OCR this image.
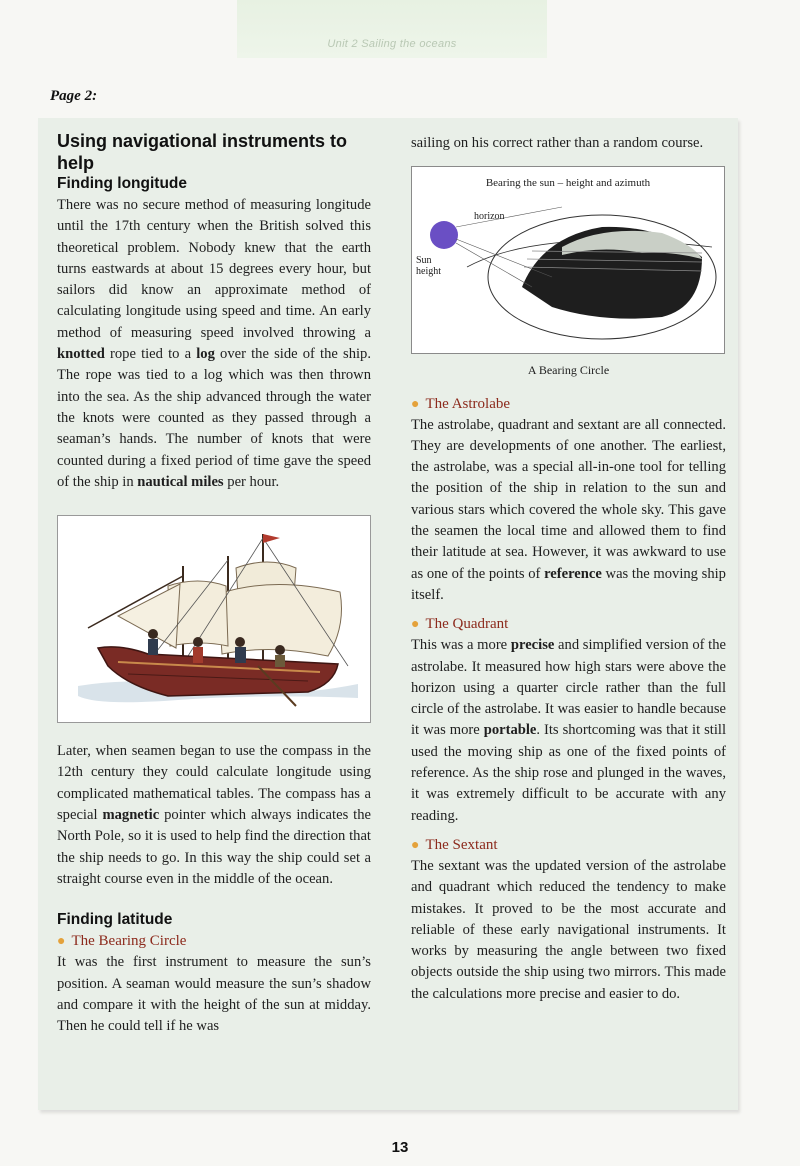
Unit 2 Sailing the oceans
Page 2:
Using navigational instruments to help
Finding longitude

There was no secure method of measuring longitude until the 17th century when the British solved this theoretical problem. Nobody knew that the earth turns eastwards at about 15 degrees every hour, but sailors did know an approximate method of calculating longitude using speed and time. An early method of measuring speed involved throwing a knotted rope tied to a log over the side of the ship. The rope was tied to a log which was then thrown into the sea. As the ship advanced through the water the knots were counted as they passed through a seaman’s hands. The number of knots that were counted during a fixed period of time gave the speed of the ship in nautical miles per hour.

Later, when seamen began to use the compass in the 12th century they could calculate longitude using complicated mathematical tables. The compass has a special magnetic pointer which always indicates the North Pole, so it is used to help find the direction that the ship needs to go. In this way the ship could set a straight course even in the middle of the ocean.

Finding latitude
● The Bearing Circle

It was the first instrument to measure the sun’s position. A seaman would measure the sun’s shadow and compare it with the height of the sun at midday. Then he could tell if he was

sailing on his correct rather than a random course.

Bearing the sun – height and azimuth
horizon
Sun
height
A Bearing Circle
● The Astrolabe

The astrolabe, quadrant and sextant are all connected. They are developments of one another. The earliest, the astrolabe, was a special all-in-one tool for telling the position of the ship in relation to the sun and various stars which covered the whole sky. This gave the seamen the local time and allowed them to find their latitude at sea. However, it was awkward to use as one of the points of reference was the moving ship itself.

● The Quadrant

This was a more precise and simplified version of the astrolabe. It measured how high stars were above the horizon using a quarter circle rather than the full circle of the astrolabe. It was easier to handle because it was more portable. Its shortcoming was that it still used the moving ship as one of the fixed points of reference. As the ship rose and plunged in the waves, it was extremely difficult to be accurate with any reading.

● The Sextant

The sextant was the updated version of the astrolabe and quadrant which reduced the tendency to make mistakes. It proved to be the most accurate and reliable of these early navigational instruments. It works by measuring the angle between two fixed objects outside the ship using two mirrors. This made the calculations more precise and easier to do.

13
